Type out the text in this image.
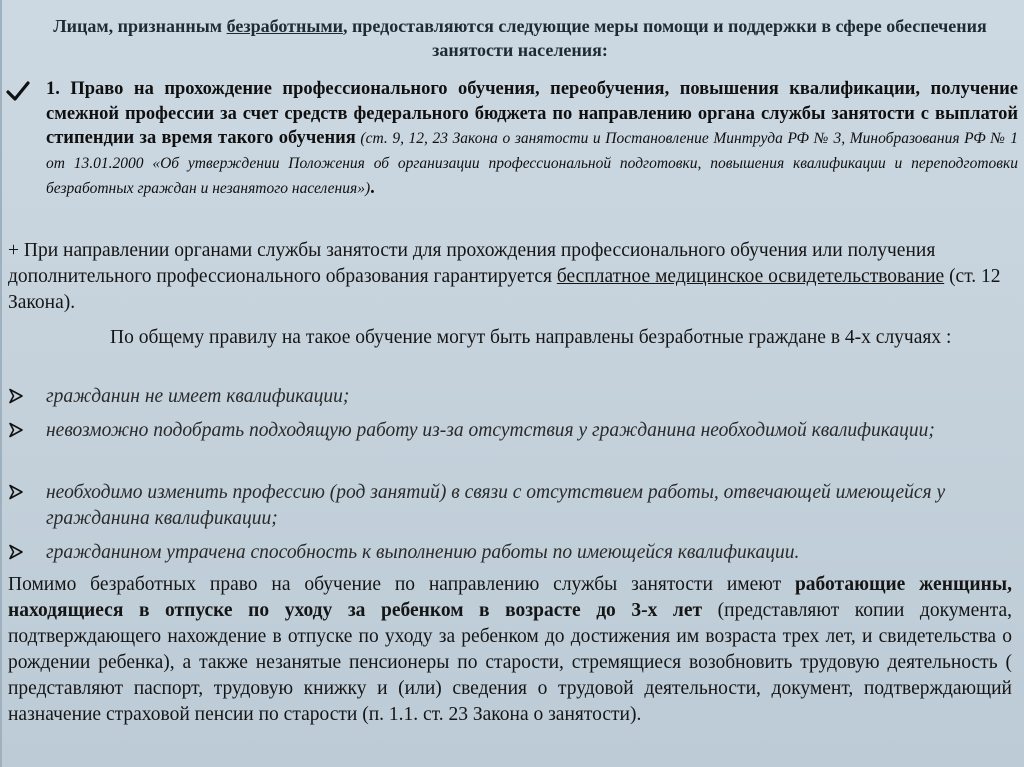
Лицам, признанным безработными, предоставляются следующие меры помощи и поддержки в сфере обеспечения занятости населения:
1. Право на прохождение профессионального обучения, переобучения, повышения квалификации, получение смежной профессии за счет средств федерального бюджета по направлению органа службы занятости с выплатой стипендии за время такого обучения (ст. 9, 12, 23 Закона о занятости и Постановление Минтруда РФ № 3, Минобразования РФ № 1 от 13.01.2000 «Об утверждении Положения об организации профессиональной подготовки, повышения квалификации и переподготовки безработных граждан и незанятого населения»).
+ При направлении органами службы занятости для прохождения профессионального обучения или получения дополнительного профессионального образования гарантируется бесплатное медицинское освидетельствование (ст. 12 Закона).
По общему правилу на такое обучение могут быть направлены безработные граждане в 4-х случаях :
гражданин не имеет квалификации;
невозможно подобрать подходящую работу из-за отсутствия у гражданина необходимой квалификации;
необходимо изменить профессию (род занятий) в связи с отсутствием работы, отвечающей имеющейся у гражданина квалификации;
гражданином утрачена способность к выполнению работы по имеющейся квалификации.
Помимо безработных право на обучение по направлению службы занятости имеют работающие женщины, находящиеся в отпуске по уходу за ребенком в возрасте до 3-х лет (представляют копии документа, подтверждающего нахождение в отпуске по уходу за ребенком до достижения им возраста трех лет, и свидетельства о рождении ребенка), а также незанятые пенсионеры по старости, стремящиеся возобновить трудовую деятельность ( представляют паспорт, трудовую книжку и (или) сведения о трудовой деятельности, документ, подтверждающий назначение страховой пенсии по старости (п. 1.1. ст. 23 Закона о занятости).
